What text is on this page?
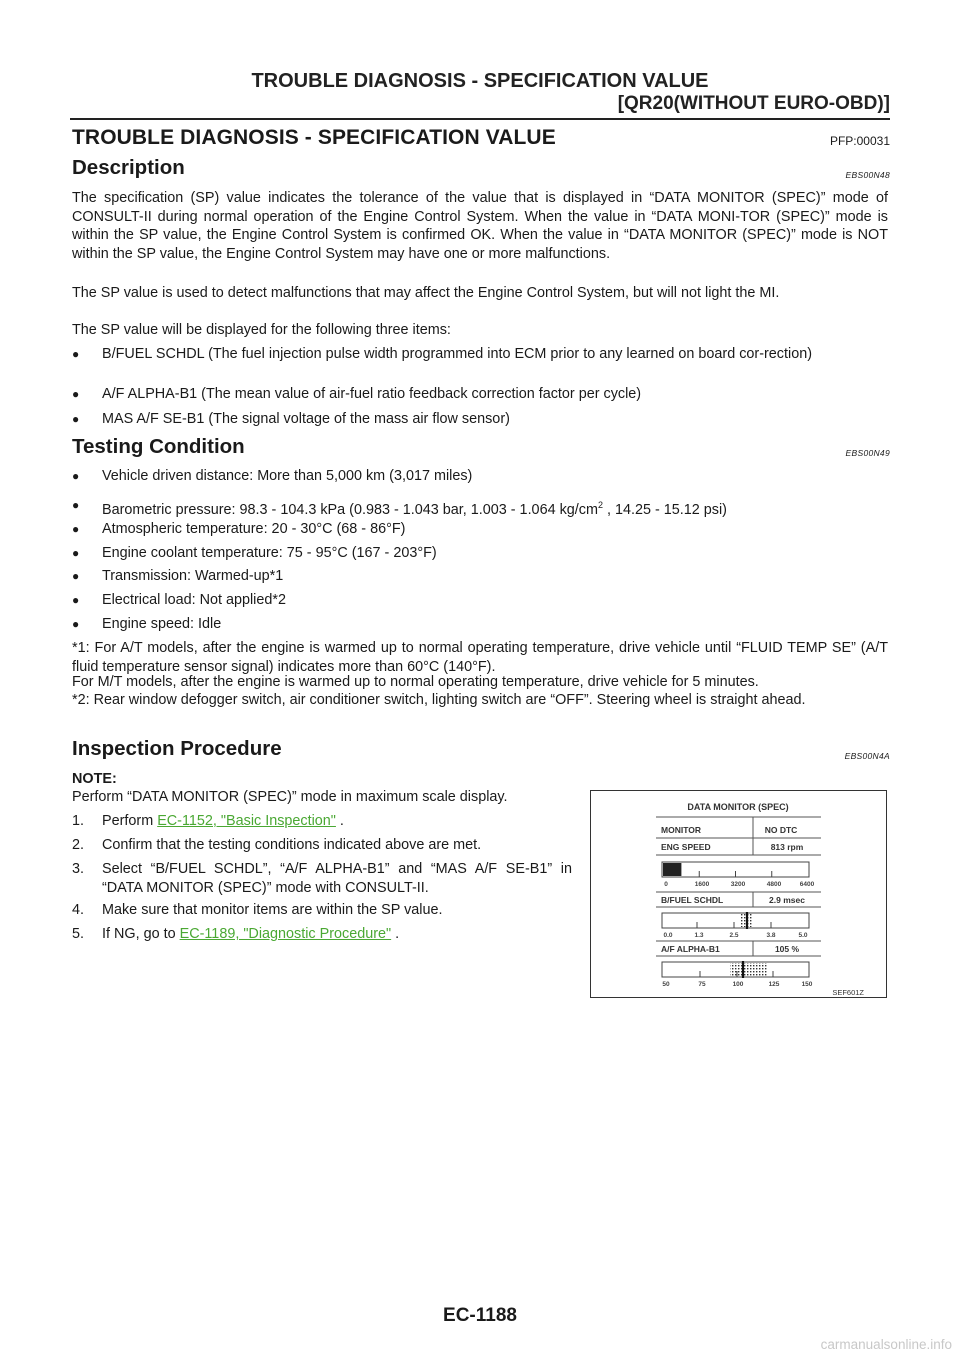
TROUBLE DIAGNOSIS - SPECIFICATION VALUE
[QR20(WITHOUT EURO-OBD)]
TROUBLE DIAGNOSIS - SPECIFICATION VALUE	PFP:00031
Description	EBS00N48

The specification (SP) value indicates the tolerance of the value that is displayed in “DATA MONITOR (SPEC)” mode of CONSULT-II during normal operation of the Engine Control System. When the value in “DATA MONI-TOR (SPEC)” mode is within the SP value, the Engine Control System is confirmed OK. When the value in “DATA MONITOR (SPEC)” mode is NOT within the SP value, the Engine Control System may have one or more malfunctions.

The SP value is used to detect malfunctions that may affect the Engine Control System, but will not light the MI.

The SP value will be displayed for the following three items:

● B/FUEL SCHDL (The fuel injection pulse width programmed into ECM prior to any learned on board cor-rection)
● A/F ALPHA-B1 (The mean value of air-fuel ratio feedback correction factor per cycle)
● MAS A/F SE-B1 (The signal voltage of the mass air flow sensor)
Testing Condition	EBS00N49
● Vehicle driven distance: More than 5,000 km (3,017 miles)
● Barometric pressure: 98.3 - 104.3 kPa (0.983 - 1.043 bar, 1.003 - 1.064 $kg/cm^2$ , 14.25 - 15.12 psi)
● Atmospheric temperature: 20 - 30°C (68 - 86°F)
● Engine coolant temperature: 75 - 95°C (167 - 203°F)
● Transmission: Warmed-up*1
● Electrical load: Not applied*2
● Engine speed: Idle

*1: For A/T models, after the engine is warmed up to normal operating temperature, drive vehicle until “FLUID TEMP SE” (A/T fluid temperature sensor signal) indicates more than 60°C (140°F).

For M/T models, after the engine is warmed up to normal operating temperature, drive vehicle for 5 minutes.

*2: Rear window defogger switch, air conditioner switch, lighting switch are “OFF”. Steering wheel is straight ahead.

Inspection Procedure	EBS00N4A
NOTE:
Perform “DATA MONITOR (SPEC)” mode in maximum scale display.
1. Perform EC-1152, "Basic Inspection" .
2. Confirm that the testing conditions indicated above are met.
3. Select “B/FUEL SCHDL”, “A/F ALPHA-B1” and “MAS A/F SE-B1” in “DATA MONITOR (SPEC)” mode with CONSULT-II.
4. Make sure that monitor items are within the SP value.
5. If NG, go to EC-1189, "Diagnostic Procedure" .
DATA MONITOR (SPEC)
MONITOR	NO DTC
ENG SPEED	813 rpm
0	1600	3200	4800	6400
B/FUEL SCHDL	2.9 msec
0.0	1.3	2.5	3.8	5.0
A/F ALPHA-B1	105 %
50	75	100	125	150
SEF601Z
EC-1188
carmanualsonline.info
